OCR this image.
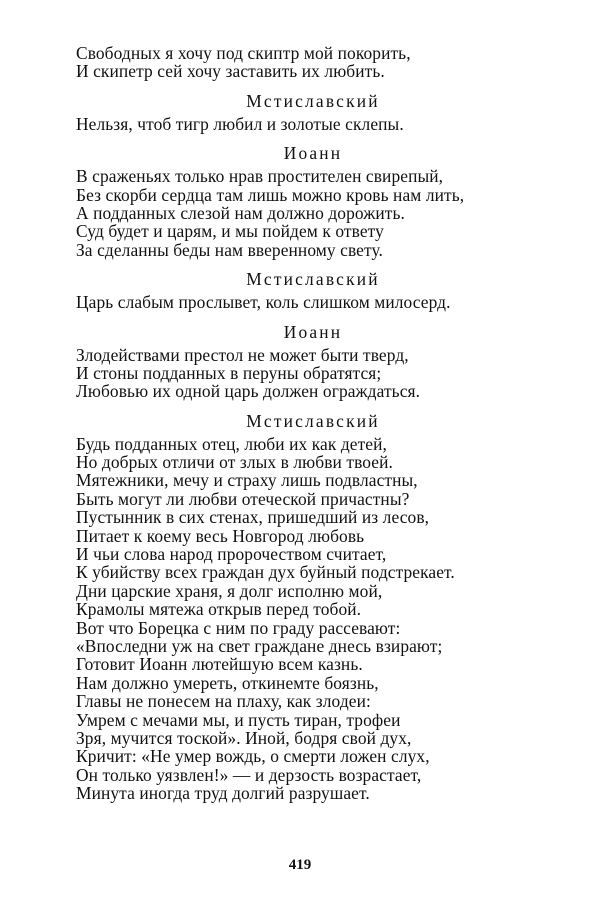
Свободных я хочу под скиптр мой покорить,
И скипетр сей хочу заставить их любить.
Мстиславский
Нельзя, чтоб тигр любил и золотые склепы.
Иоанн
В сраженьях только нрав простителен свирепый,
Без скорби сердца там лишь можно кровь нам лить,
А подданных слезой нам должно дорожить.
Суд будет и царям, и мы пойдем к ответу
За сделанны беды нам вверенному свету.
Мстиславский
Царь слабым прослывет, коль слишком милосерд.
Иоанн
Злодействами престол не может быти тверд,
И стоны подданных в перуны обратятся;
Любовью их одной царь должен ограждаться.
Мстиславский
Будь подданных отец, люби их как детей,
Но добрых отличи от злых в любви твоей.
Мятежники, мечу и страху лишь подвластны,
Быть могут ли любви отеческой причастны?
Пустынник в сих стенах, пришедший из лесов,
Питает к коему весь Новгород любовь
И чьи слова народ пророчеством считает,
К убийству всех граждан дух буйный подстрекает.
Дни царские храня, я долг исполню мой,
Крамолы мятежа открыв перед тобой.
Вот что Борецка с ним по граду рассевают:
«Впоследни уж на свет граждане днесь взирают;
Готовит Иоанн лютейшую всем казнь.
Нам должно умереть, откинемте боязнь,
Главы не понесем на плаху, как злодеи:
Умрем с мечами мы, и пусть тиран, трофеи
Зря, мучится тоской». Иной, бодря свой дух,
Кричит: «Не умер вождь, о смерти ложен слух,
Он только уязвлен!» — и дерзость возрастает,
Минута иногда труд долгий разрушает.
419
